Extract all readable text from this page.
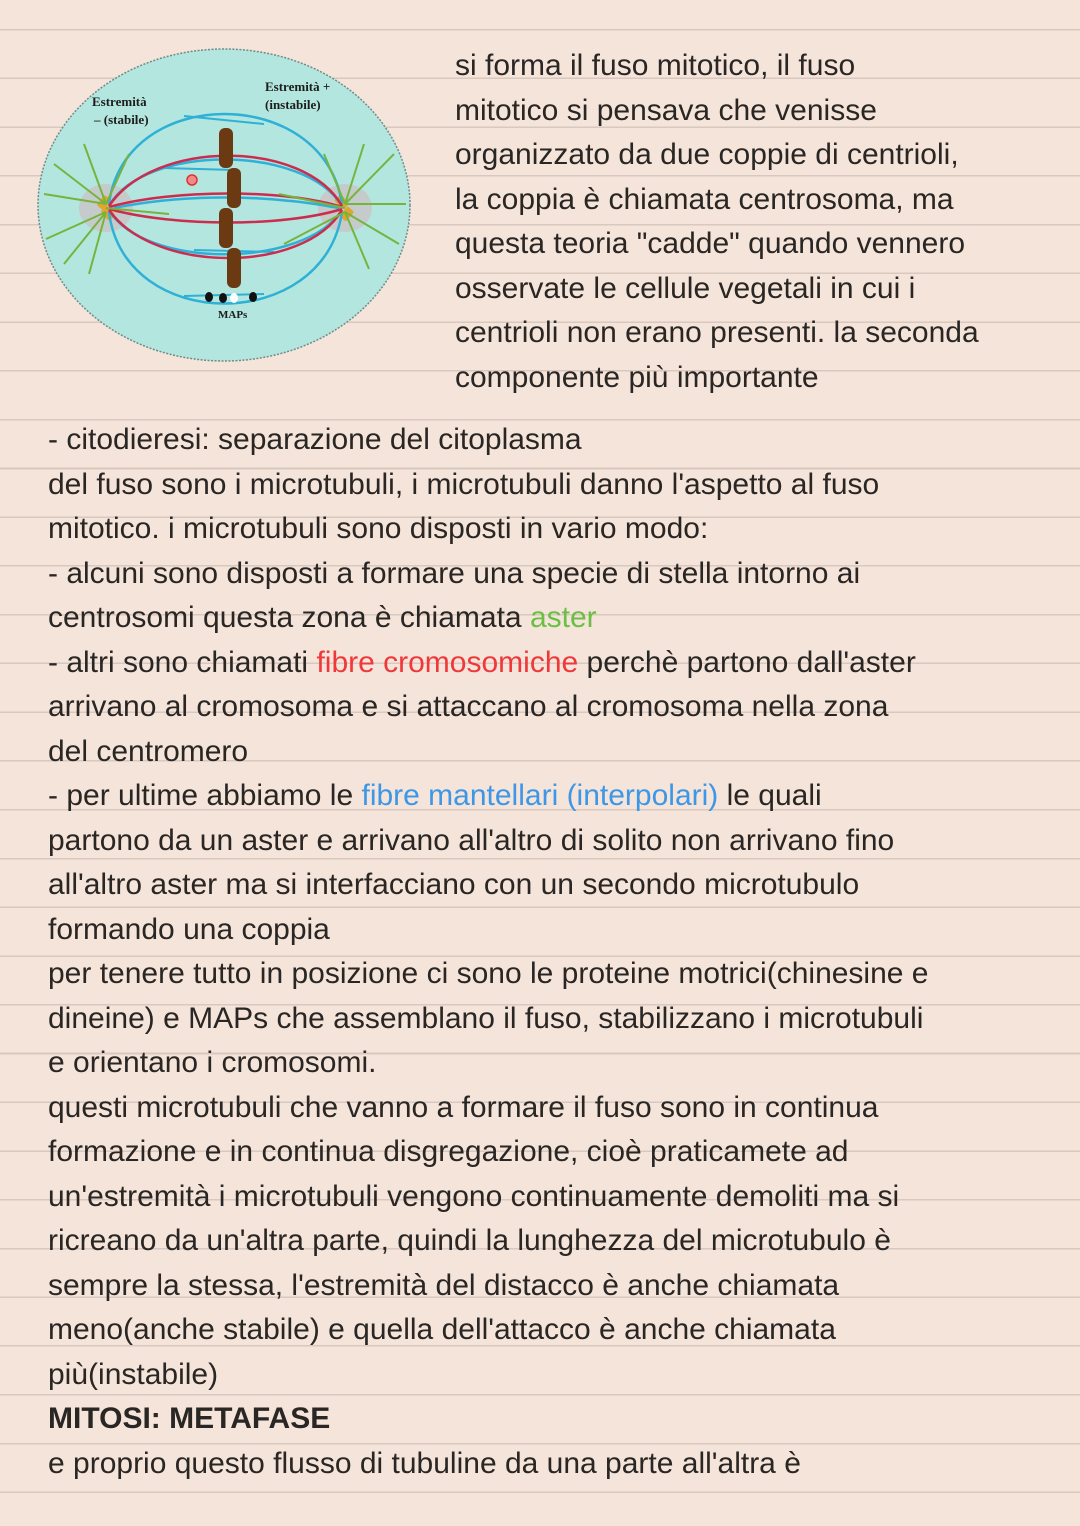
Estremità
– (stabile)
Estremità +
(instabile)
MAPs
si forma il fuso mitotico, il fuso
mitotico si pensava che venisse
organizzato da due coppie di centrioli,
la coppia è chiamata centrosoma, ma
questa teoria "cadde" quando vennero
osservate le cellule vegetali in cui i
centrioli non erano presenti. la seconda
componente più importante
- citodieresi: separazione del citoplasma
del fuso sono i microtubuli, i microtubuli danno l'aspetto al fuso
mitotico. i microtubuli sono disposti in vario modo:
- alcuni sono disposti a formare una specie di stella intorno ai
centrosomi questa zona è chiamata aster
- altri sono chiamati fibre cromosomiche perchè partono dall'aster
arrivano al cromosoma e si attaccano al cromosoma nella zona
del centromero
- per ultime abbiamo le fibre mantellari (interpolari) le quali
partono da un aster e arrivano all'altro di solito non arrivano fino
all'altro aster ma si interfacciano con un secondo microtubulo
formando una coppia
per tenere tutto in posizione ci sono le proteine motrici(chinesine e
dineine) e MAPs che assemblano il fuso, stabilizzano i microtubuli
e orientano i cromosomi.
questi microtubuli che vanno a formare il fuso sono in continua
formazione e in continua disgregazione, cioè praticamete ad
un'estremità i microtubuli vengono continuamente demoliti ma si
ricreano da un'altra parte, quindi la lunghezza del microtubulo è
sempre la stessa, l'estremità del distacco è anche chiamata
meno(anche stabile) e quella dell'attacco è anche chiamata
più(instabile)
MITOSI: METAFASE
e proprio questo flusso di tubuline da una parte all'altra è
